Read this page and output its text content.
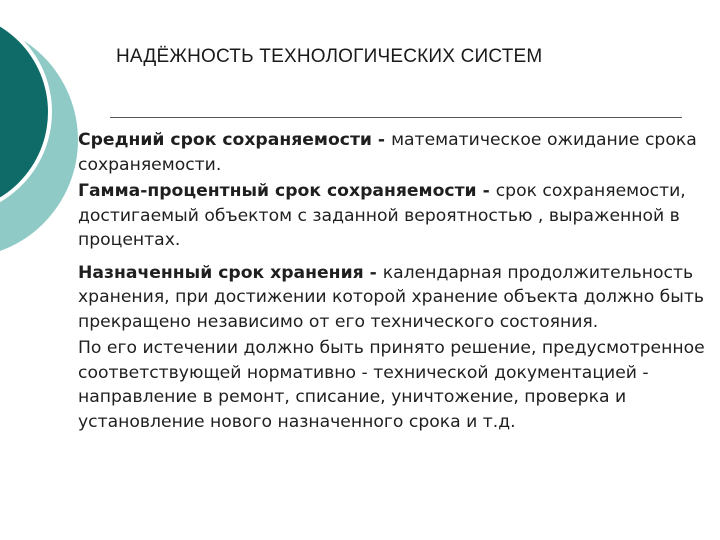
НАДЁЖНОСТЬ ТЕХНОЛОГИЧЕСКИХ СИСТЕМ

Средний срок сохраняемости - математическое ожидание срока сохраняемости.

Гамма-процентный срок сохраняемости - срок сохраняемости, достигаемый объектом с заданной вероятностью , выраженной в процентах.

Назначенный срок хранения - календарная продолжительность хранения, при достижении которой хранение объекта должно быть прекращено независимо от его технического состояния.

По его истечении должно быть принято решение, предусмотренное соответствующей нормативно - технической документацией - направление в ремонт, списание, уничтожение, проверка и установление нового назначенного срока и т.д.
